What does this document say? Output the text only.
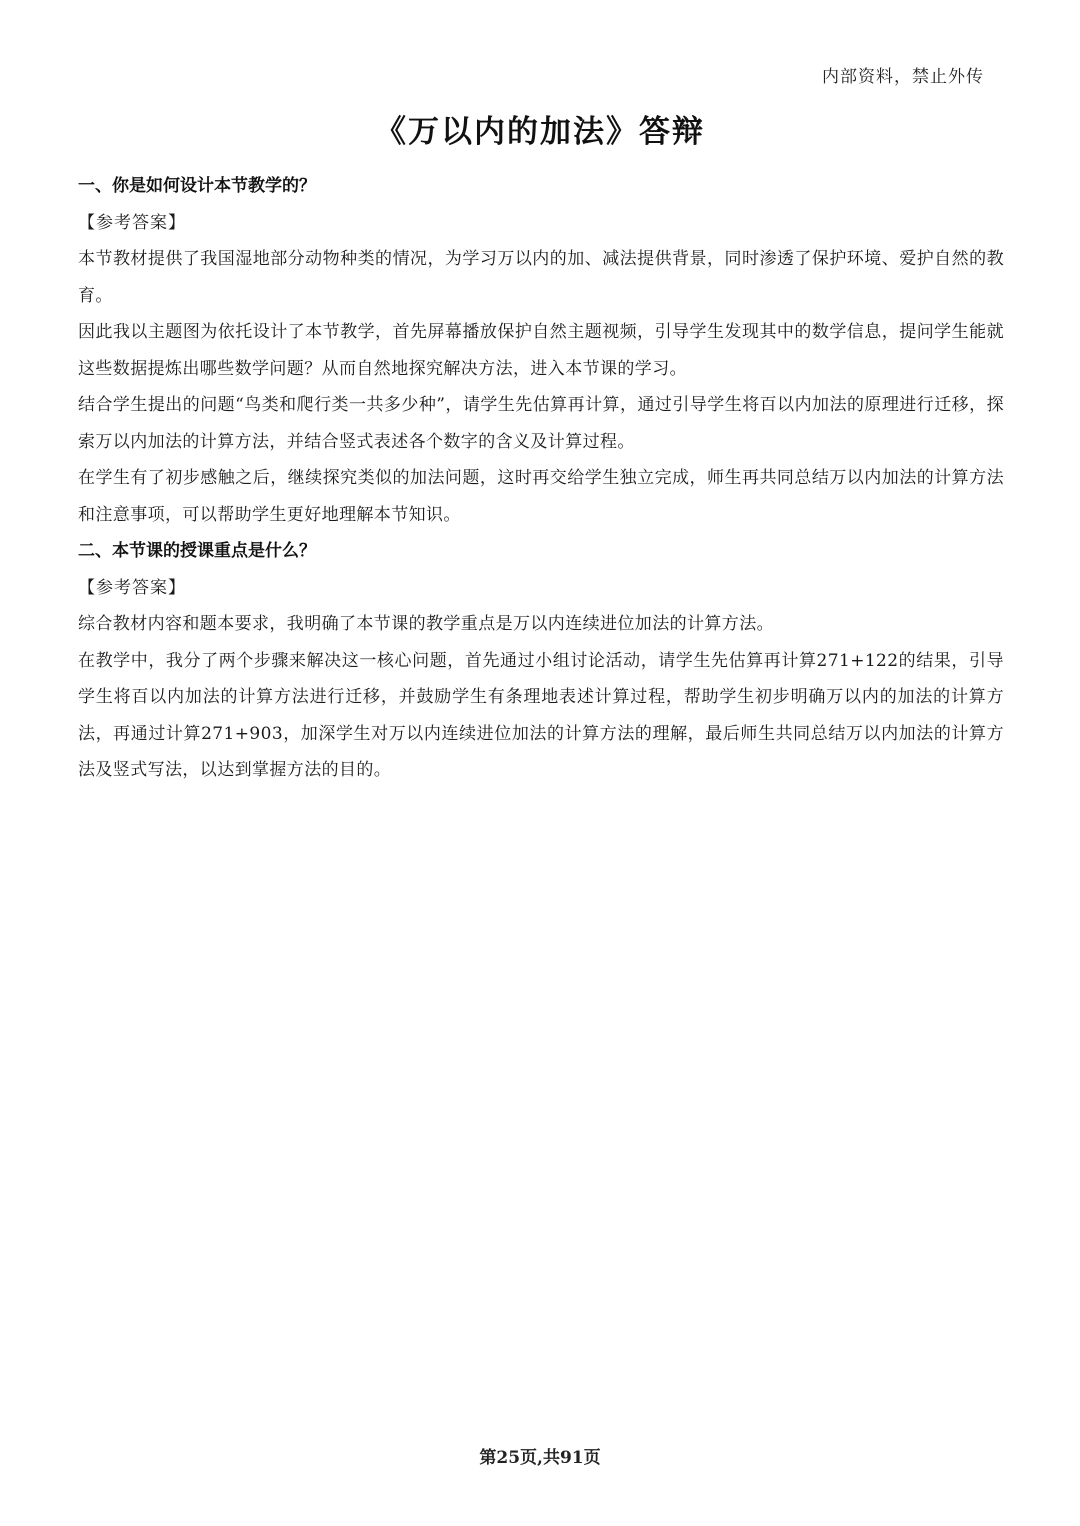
内部资料，禁止外传
《万以内的加法》答辩

一、你是如何设计本节教学的？

【参考答案】

本节教材提供了我国湿地部分动物种类的情况，为学习万以内的加、减法提供背景，同时渗透了保护环境、爱护自然的教育。

因此我以主题图为依托设计了本节教学，首先屏幕播放保护自然主题视频，引导学生发现其中的数学信息，提问学生能就这些数据提炼出哪些数学问题？从而自然地探究解决方法，进入本节课的学习。

结合学生提出的问题“鸟类和爬行类一共多少种”，请学生先估算再计算，通过引导学生将百以内加法的原理进行迁移，探索万以内加法的计算方法，并结合竖式表述各个数字的含义及计算过程。

在学生有了初步感触之后，继续探究类似的加法问题，这时再交给学生独立完成，师生再共同总结万以内加法的计算方法和注意事项，可以帮助学生更好地理解本节知识。

二、本节课的授课重点是什么？

【参考答案】

综合教材内容和题本要求，我明确了本节课的教学重点是万以内连续进位加法的计算方法。

在教学中，我分了两个步骤来解决这一核心问题，首先通过小组讨论活动，请学生先估算再计算271+122的结果，引导学生将百以内加法的计算方法进行迁移，并鼓励学生有条理地表述计算过程，帮助学生初步明确万以内的加法的计算方法，再通过计算271+903，加深学生对万以内连续进位加法的计算方法的理解，最后师生共同总结万以内加法的计算方法及竖式写法，以达到掌握方法的目的。

第25页,共91页
